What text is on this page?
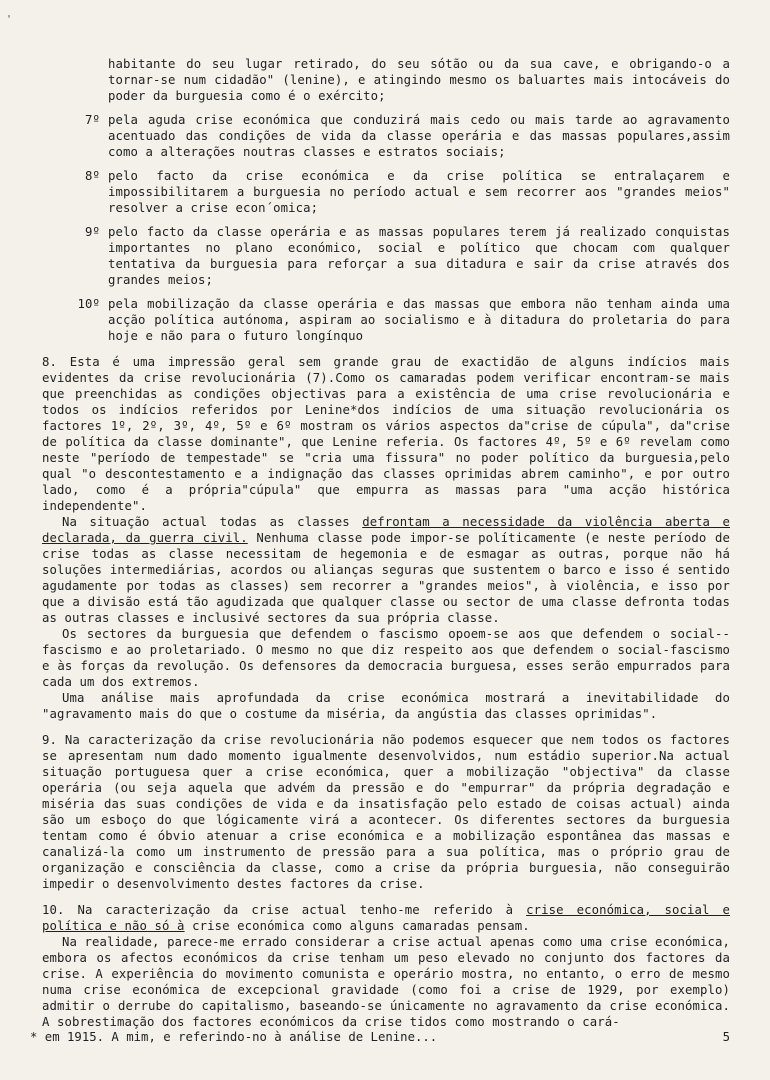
'

habitante do seu lugar retirado, do seu sótão ou da sua cave, e obrigando-o a tornar-se num cidadão" (lenine), e atingindo mesmo os baluartes mais intocáveis do poder da burguesia como é o exército;

7º pela aguda crise económica que conduzirá mais cedo ou mais tarde ao agravamento acentuado das condições de vida da classe operária e das massas populares,assim como a alterações noutras classes e estratos sociais;
8º pelo facto da crise económica e da crise política se entralaçarem e impossibilitarem a burguesia no período actual e sem recorrer aos "grandes meios" resolver a crise econ´omica;
9º pelo facto da classe operária e as massas populares terem já realizado conquistas importantes no plano económico, social e político que chocam com qualquer tentativa da burguesia para reforçar a sua ditadura e sair da crise através dos grandes meios;
10º pela mobilização da classe operária e das massas que embora não tenham ainda uma acção política autónoma, aspiram ao socialismo e à ditadura do proletaria do para hoje e não para o futuro longínquo

8. Esta é uma impressão geral sem grande grau de exactidão de alguns indícios mais evidentes da crise revolucionária (7).Como os camaradas podem verificar encontram-se mais que preenchidas as condições objectivas para a existência de uma crise revolucionária e todos os indícios referidos por Lenine*dos indícios de uma situação revolucionária os factores 1º, 2º, 3º, 4º, 5º e 6º mostram os vários aspectos da"crise de cúpula", da"crise de política da classe dominante", que Lenine referia. Os factores 4º, 5º e 6º revelam como neste "período de tempestade" se "cria uma fissura" no poder político da burguesia,pelo qual "o descontestamento e a indignação das classes oprimidas abrem caminho", e por outro lado, como é a própria"cúpula" que empurra as massas para "uma acção histórica independente".

Na situação actual todas as classes defrontam a necessidade da violência aberta e declarada, da guerra civil. Nenhuma classe pode impor-se políticamente (e neste período de crise todas as classe necessitam de hegemonia e de esmagar as outras, porque não há soluções intermediárias, acordos ou alianças seguras que sustentem o barco e isso é sentido agudamente por todas as classes) sem recorrer a "grandes meios", à violência, e isso por que a divisão está tão agudizada que qualquer classe ou sector de uma classe defronta todas as outras classes e inclusivé sectores da sua própria classe.

Os sectores da burguesia que defendem o fascismo opoem-se aos que defendem o social--fascismo e ao proletariado. O mesmo no que diz respeito aos que defendem o social-fascismo e às forças da revolução. Os defensores da democracia burguesa, esses serão empurrados para cada um dos extremos.

Uma análise mais aprofundada da crise económica mostrará a inevitabilidade do "agravamento mais do que o costume da miséria, da angústia das classes oprimidas".

9. Na caracterização da crise revolucionária não podemos esquecer que nem todos os factores se apresentam num dado momento igualmente desenvolvidos, num estádio superior.Na actual situação portuguesa quer a crise económica, quer a mobilização "objectiva" da classe operária (ou seja aquela que advém da pressão e do "empurrar" da própria degradação e miséria das suas condições de vida e da insatisfação pelo estado de coisas actual) ainda são um esboço do que lógicamente virá a acontecer. Os diferentes sectores da burguesia tentam como é óbvio atenuar a crise económica e a mobilização espontânea das massas e canalizá-la como um instrumento de pressão para a sua política, mas o próprio grau de organização e consciência da classe, como a crise da própria burguesia, não conseguirão impedir o desenvolvimento destes factores da crise.

10. Na caracterização da crise actual tenho-me referido à crise económica, social e política e não só à crise económica como alguns camaradas pensam.

Na realidade, parece-me errado considerar a crise actual apenas como uma crise económica, embora os afectos económicos da crise tenham um peso elevado no conjunto dos factores da crise. A experiência do movimento comunista e operário mostra, no entanto, o erro de mesmo numa crise económica de excepcional gravidade (como foi a crise de 1929, por exemplo) admitir o derrube do capitalismo, baseando-se únicamente no agravamento da crise económica. A sobrestimação dos factores económicos da crise tidos como mostrando o cará-

* em 1915. A mim, e referindo-no à análise de Lenine...	5
